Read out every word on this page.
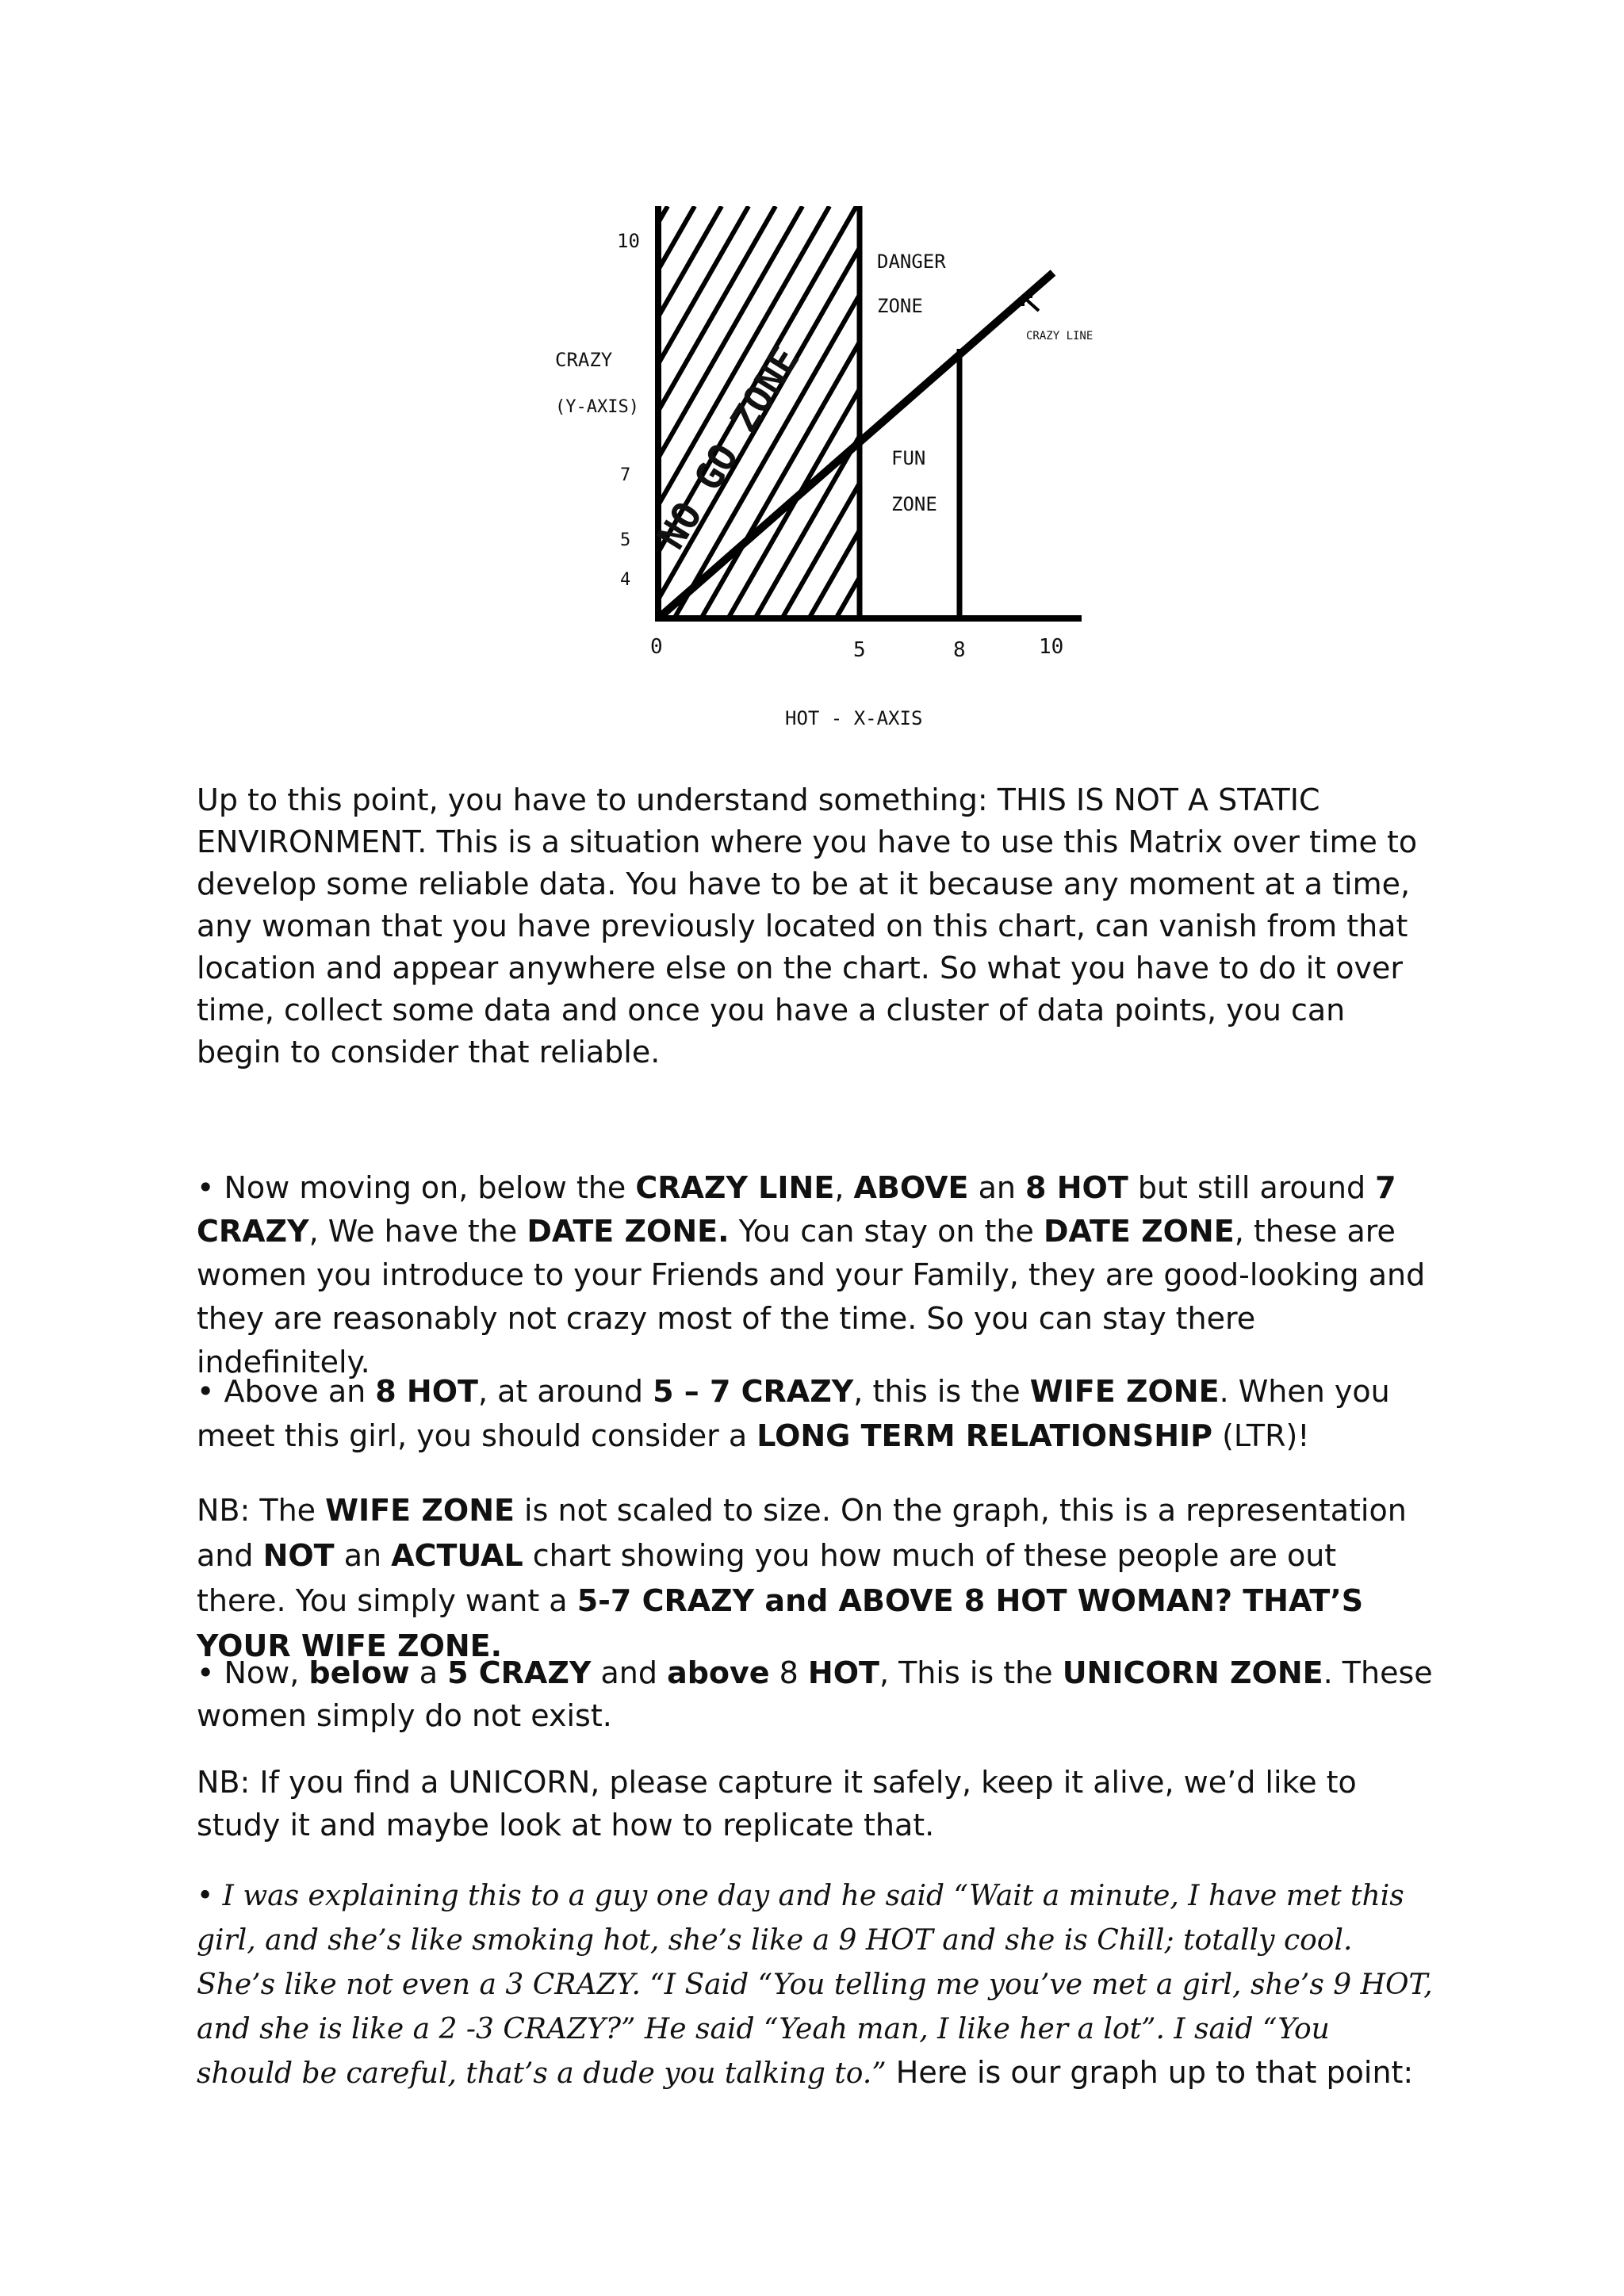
10
CRAZY
(Y-AXIS)
7
5
4
0	5	8	10
HOT - X-AXIS
DANGER
ZONE
CRAZY LINE
FUN
ZONE
NO GO ZONE

Up to this point, you have to understand something: THIS IS NOT A STATIC ENVIRONMENT. This is a situation where you have to use this Matrix over time to develop some reliable data. You have to be at it because any moment at a time, any woman that you have previously located on this chart, can vanish from that location and appear anywhere else on the chart. So what you have to do it over time, collect some data and once you have a cluster of data points, you can begin to consider that reliable.

• Now moving on, below the CRAZY LINE, ABOVE an 8 HOT but still around 7 CRAZY, We have the DATE ZONE. You can stay on the DATE ZONE, these are women you introduce to your Friends and your Family, they are good-looking and they are reasonably not crazy most of the time. So you can stay there indefinitely.

• Above an 8 HOT, at around 5 – 7 CRAZY, this is the WIFE ZONE. When you meet this girl, you should consider a LONG TERM RELATIONSHIP (LTR)!

NB: The WIFE ZONE is not scaled to size. On the graph, this is a representation and NOT an ACTUAL chart showing you how much of these people are out there. You simply want a 5-7 CRAZY and ABOVE 8 HOT WOMAN? THAT’S YOUR WIFE ZONE.

• Now, below a 5 CRAZY and above 8 HOT, This is the UNICORN ZONE. These women simply do not exist.

NB: If you find a UNICORN, please capture it safely, keep it alive, we’d like to study it and maybe look at how to replicate that.

• I was explaining this to a guy one day and he said “Wait a minute, I have met this girl, and she’s like smoking hot, she’s like a 9 HOT and she is Chill; totally cool. She’s like not even a 3 CRAZY. “I Said “You telling me you’ve met a girl, she’s 9 HOT, and she is like a 2 -3 CRAZY?” He said “Yeah man, I like her a lot”. I said “You should be careful, that’s a dude you talking to.” Here is our graph up to that point:
